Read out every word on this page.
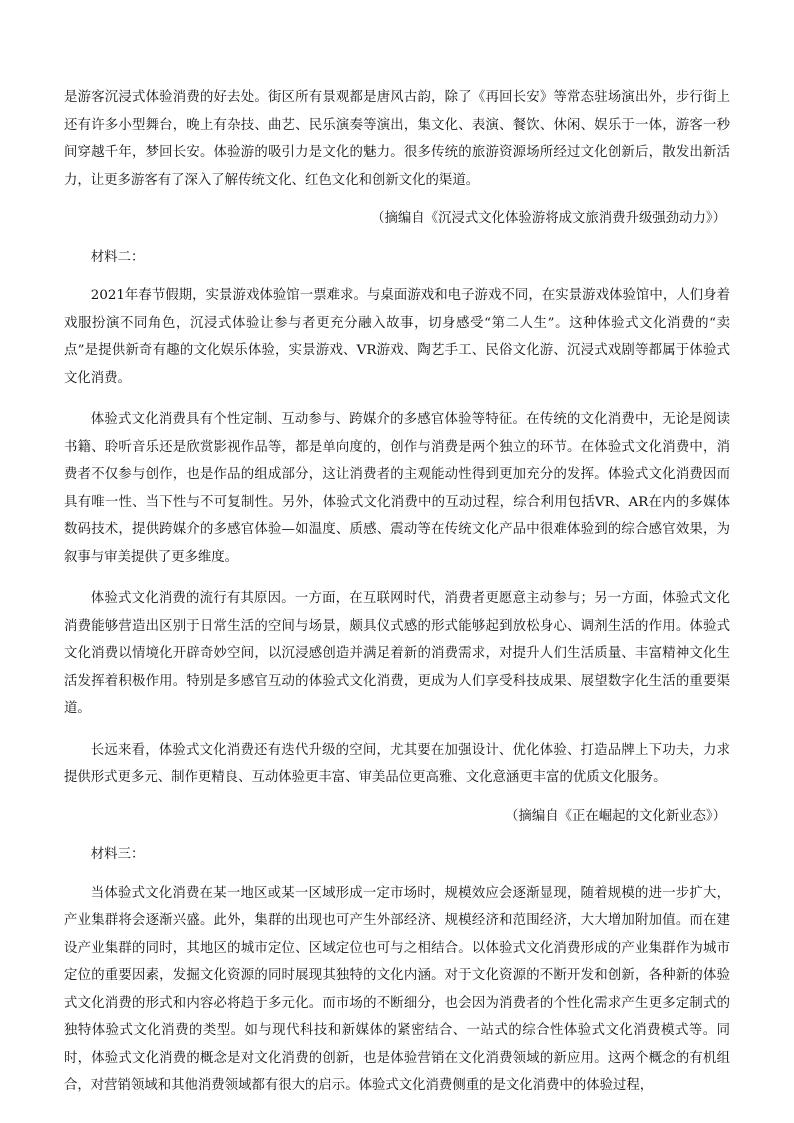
是游客沉浸式体验消费的好去处。街区所有景观都是唐风古韵，除了《再回长安》等常态驻场演出外，步行街上还有许多小型舞台，晚上有杂技、曲艺、民乐演奏等演出，集文化、表演、餐饮、休闲、娱乐于一体，游客一秒间穿越千年，梦回长安。体验游的吸引力是文化的魅力。很多传统的旅游资源场所经过文化创新后，散发出新活力，让更多游客有了深入了解传统文化、红色文化和创新文化的渠道。

（摘编自《沉浸式文化体验游将成文旅消费升级强劲动力》）

材料二：

2021年春节假期，实景游戏体验馆一票难求。与桌面游戏和电子游戏不同，在实景游戏体验馆中，人们身着戏服扮演不同角色，沉浸式体验让参与者更充分融入故事，切身感受“第二人生”。这种体验式文化消费的“卖点”是提供新奇有趣的文化娱乐体验，实景游戏、VR游戏、陶艺手工、民俗文化游、沉浸式戏剧等都属于体验式文化消费。

体验式文化消费具有个性定制、互动参与、跨媒介的多感官体验等特征。在传统的文化消费中，无论是阅读书籍、聆听音乐还是欣赏影视作品等，都是单向度的，创作与消费是两个独立的环节。在体验式文化消费中，消费者不仅参与创作，也是作品的组成部分，这让消费者的主观能动性得到更加充分的发挥。体验式文化消费因而具有唯一性、当下性与不可复制性。另外，体验式文化消费中的互动过程，综合利用包括VR、AR在内的多媒体数码技术，提供跨媒介的多感官体验—如温度、质感、震动等在传统文化产品中很难体验到的综合感官效果，为叙事与审美提供了更多维度。

体验式文化消费的流行有其原因。一方面，在互联网时代，消费者更愿意主动参与；另一方面，体验式文化消费能够营造出区别于日常生活的空间与场景，颇具仪式感的形式能够起到放松身心、调剂生活的作用。体验式文化消费以情境化开辟奇妙空间，以沉浸感创造并满足着新的消费需求，对提升人们生活质量、丰富精神文化生活发挥着积极作用。特别是多感官互动的体验式文化消费，更成为人们享受科技成果、展望数字化生活的重要渠道。

长远来看，体验式文化消费还有迭代升级的空间，尤其要在加强设计、优化体验、打造品牌上下功夫，力求提供形式更多元、制作更精良、互动体验更丰富、审美品位更高雅、文化意涵更丰富的优质文化服务。

（摘编自《正在崛起的文化新业态》）

材料三：

当体验式文化消费在某一地区或某一区域形成一定市场时，规模效应会逐渐显现，随着规模的进一步扩大，产业集群将会逐渐兴盛。此外，集群的出现也可产生外部经济、规模经济和范围经济，大大增加附加值。而在建设产业集群的同时，其地区的城市定位、区域定位也可与之相结合。以体验式文化消费形成的产业集群作为城市定位的重要因素，发掘文化资源的同时展现其独特的文化内涵。对于文化资源的不断开发和创新，各种新的体验式文化消费的形式和内容必将趋于多元化。而市场的不断细分，也会因为消费者的个性化需求产生更多定制式的独特体验式文化消费的类型。如与现代科技和新媒体的紧密结合、一站式的综合性体验式文化消费模式等。同时，体验式文化消费的概念是对文化消费的创新，也是体验营销在文化消费领域的新应用。这两个概念的有机组合，对营销领域和其他消费领域都有很大的启示。体验式文化消费侧重的是文化消费中的体验过程，
